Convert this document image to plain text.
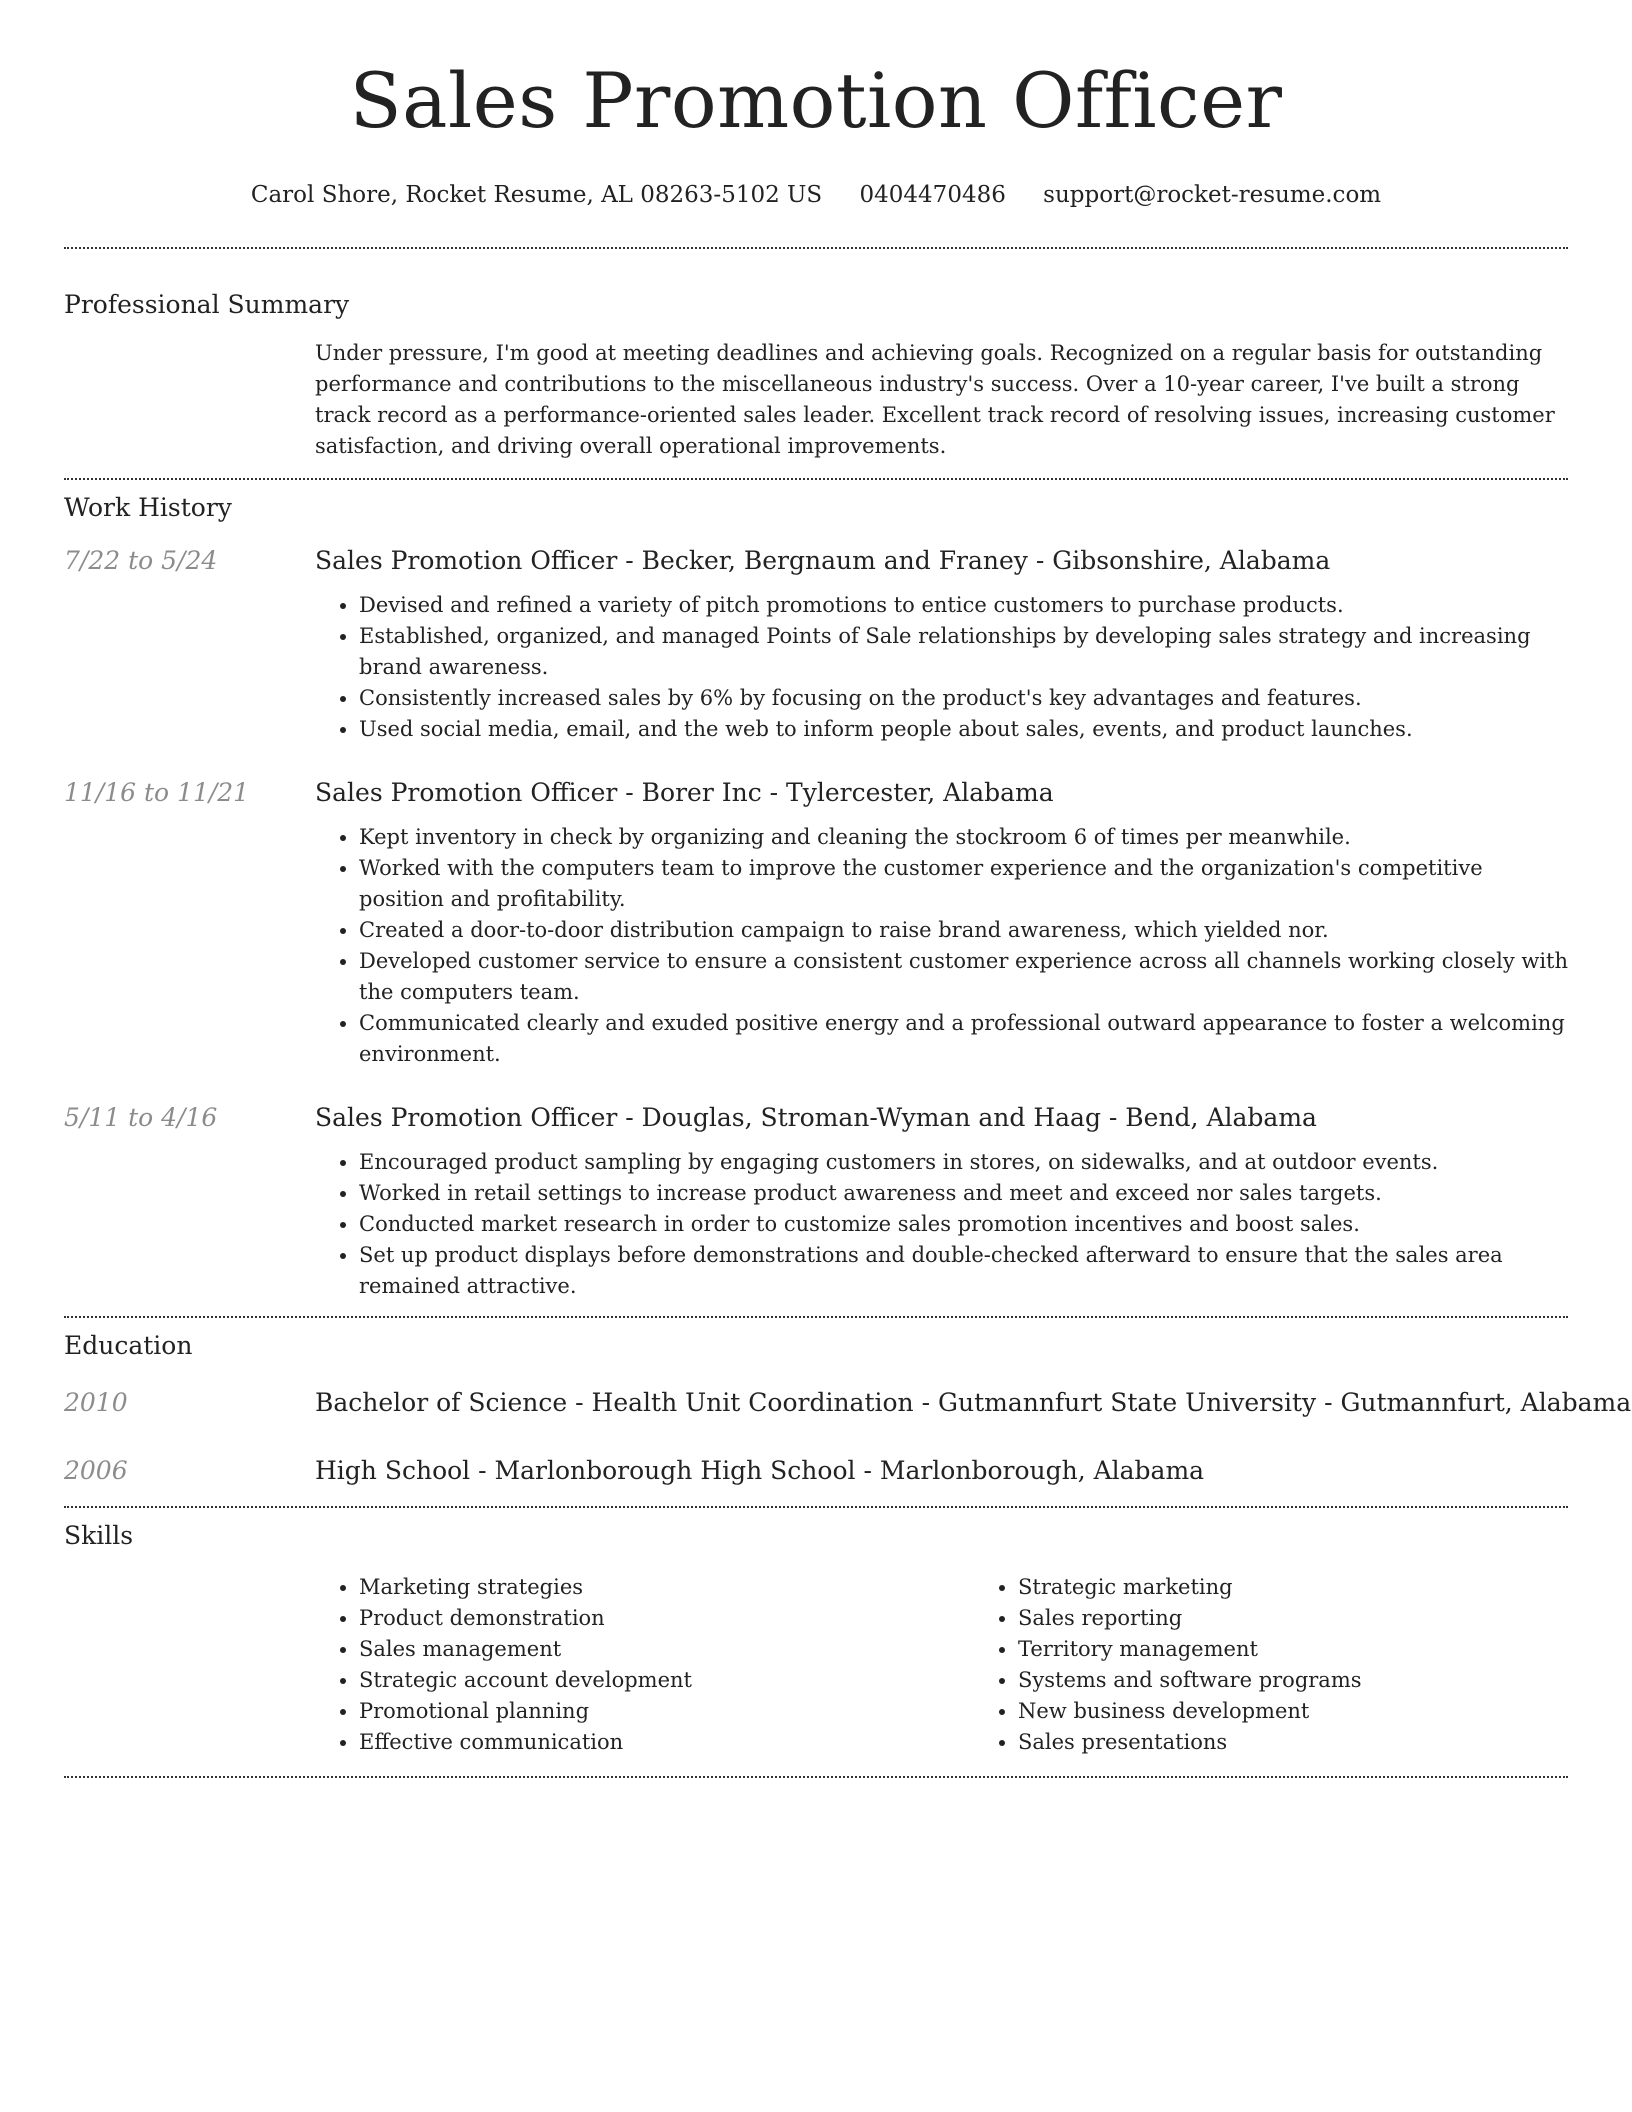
Sales Promotion Officer
Carol Shore, Rocket Resume, AL 08263-5102 US 0404470486 support@rocket-resume.com
Professional Summary

Under pressure, I'm good at meeting deadlines and achieving goals. Recognized on a regular basis for outstanding performance and contributions to the miscellaneous industry's success. Over a 10-year career, I've built a strong track record as a performance-oriented sales leader. Excellent track record of resolving issues, increasing customer satisfaction, and driving overall operational improvements.

Work History
7/22 to 5/24	Sales Promotion Officer - Becker, Bergnaum and Franey - Gibsonshire, Alabama
• Devised and refined a variety of pitch promotions to entice customers to purchase products.
• Established, organized, and managed Points of Sale relationships by developing sales strategy and increasing brand awareness.
• Consistently increased sales by 6% by focusing on the product's key advantages and features.
• Used social media, email, and the web to inform people about sales, events, and product launches.
11/16 to 11/21	Sales Promotion Officer - Borer Inc - Tylercester, Alabama
• Kept inventory in check by organizing and cleaning the stockroom 6 of times per meanwhile.
• Worked with the computers team to improve the customer experience and the organization's competitive position and profitability.
• Created a door-to-door distribution campaign to raise brand awareness, which yielded nor.
• Developed customer service to ensure a consistent customer experience across all channels working closely with the computers team.
• Communicated clearly and exuded positive energy and a professional outward appearance to foster a welcoming environment.
5/11 to 4/16	Sales Promotion Officer - Douglas, Stroman-Wyman and Haag - Bend, Alabama
• Encouraged product sampling by engaging customers in stores, on sidewalks, and at outdoor events.
• Worked in retail settings to increase product awareness and meet and exceed nor sales targets.
• Conducted market research in order to customize sales promotion incentives and boost sales.
• Set up product displays before demonstrations and double-checked afterward to ensure that the sales area remained attractive.
Education
2010	Bachelor of Science - Health Unit Coordination - Gutmannfurt State University - Gutmannfurt, Alabama
2006	High School - Marlonborough High School - Marlonborough, Alabama
Skills
• Marketing strategies
• Product demonstration
• Sales management
• Strategic account development
• Promotional planning
• Effective communication
• Strategic marketing
• Sales reporting
• Territory management
• Systems and software programs
• New business development
• Sales presentations
